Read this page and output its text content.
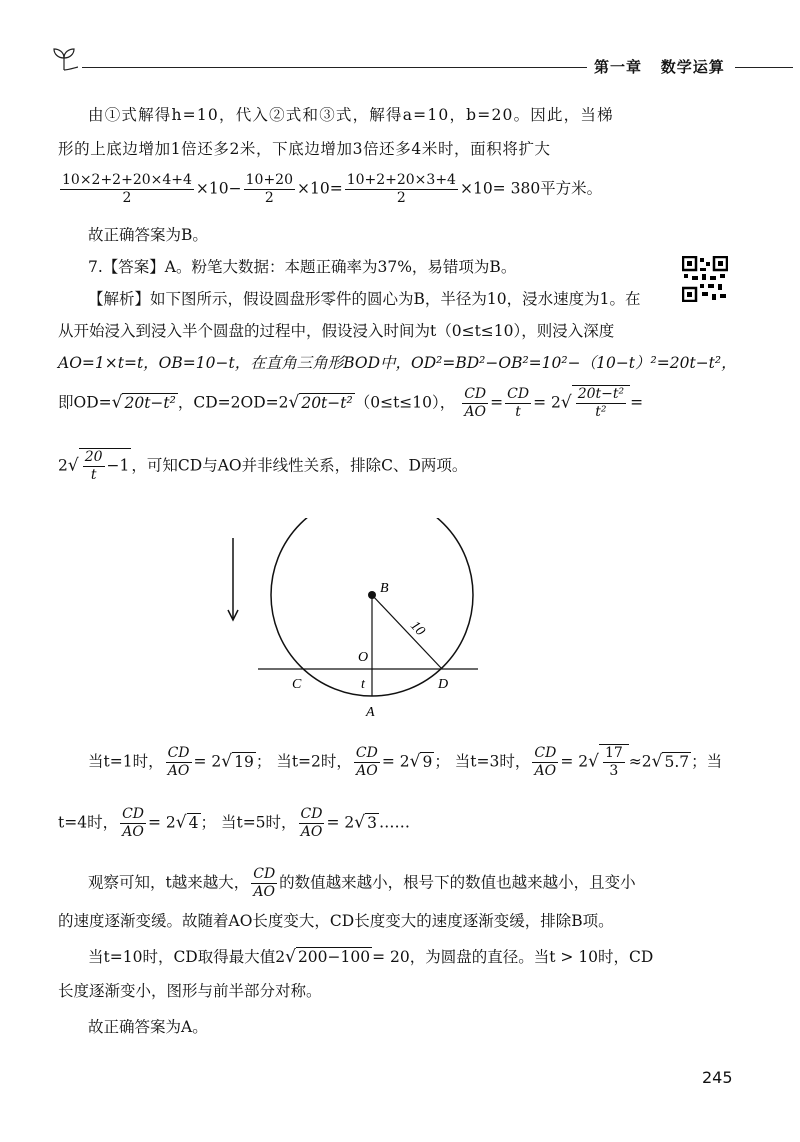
第一章 数学运算
由①式解得h=10，代入②式和③式，解得a=10，b=20。因此，当梯
形的上底边增加1倍还多2米，下底边增加3倍还多4米时，面积将扩大
$\frac{10\times 2+2+20\times 4+4}{2} \times 10- \frac{10+20}{2} \times 10= \frac{10+2+20\times 3+4}{2} \times 10= 380$平方米。
故正确答案为B。
7.【答案】A。粉笔大数据：本题正确率为37%，易错项为B。
【解析】如下图所示，假设圆盘形零件的圆心为B，半径为10，浸水速度为1。在
从开始浸入到浸入半个圆盘的过程中，假设浸入时间为t（0≤t≤10），则浸入深度
AO=1×t=t，OB=10−t，在直角三角形BOD中，OD²=BD²−OB²=10²−（10−t）²=20t−t²，
即OD=√ 20t−t² ，CD=2OD=2√ 20t−t² （0≤t≤10）， $\frac{CD}{AO} = \frac{CD}{t} = 2√ \frac{\text{20t−t²}}{\text{t²}}$ =
$2√ \frac{20}{t} -1$ ，可知CD与AO并非线性关系，排除C、D两项。
B
O
C	D
A
t
10
当t=1时， $\frac{CD}{AO} = 2√$ 19 ； 当t=2时， $\frac{CD}{AO} = 2√$ 9 ； 当t=3时， $\frac{CD}{AO} = 2√ \frac{17}{3} \approx 2√$ 5.7 ；当
t=4时， $\frac{CD}{AO} = 2√$ 4 ； 当t=5时， $\frac{CD}{AO} = 2√$ 3 ……
观察可知，t越来越大， $\frac{CD}{AO}$ 的数值越来越小，根号下的数值也越来越小，且变小
的速度逐渐变缓。故随着AO长度变大，CD长度变大的速度逐渐变缓，排除B项。
当t=10时，CD取得最大值2√ 200−100 = 20，为圆盘的直径。当t > 10时，CD
长度逐渐变小，图形与前半部分对称。
故正确答案为A。
245
